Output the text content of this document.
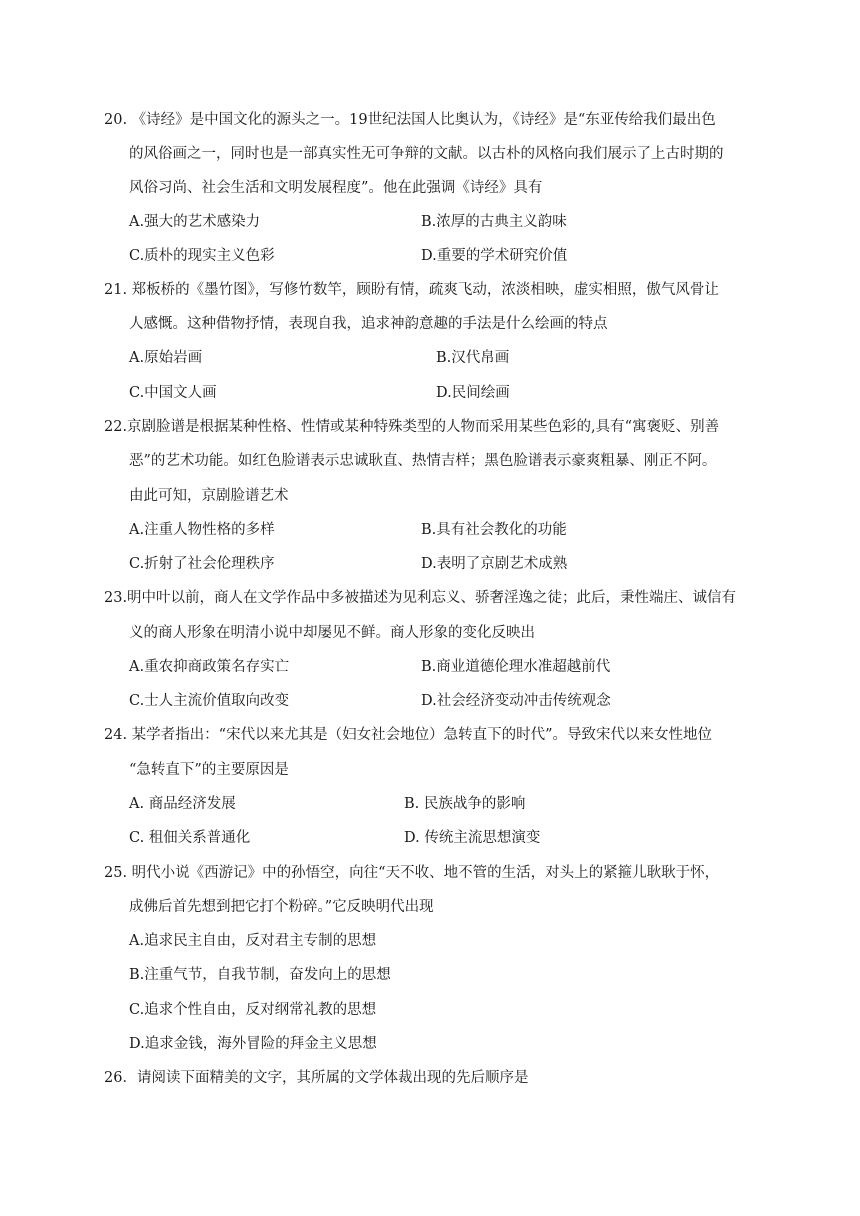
20. 《诗经》是中国文化的源头之一。19世纪法国人比奥认为，《诗经》是“东亚传给我们最出色
的风俗画之一，同时也是一部真实性无可争辩的文献。以古朴的风格向我们展示了上古时期的
风俗习尚、社会生活和文明发展程度”。他在此强调《诗经》具有
A.强大的艺术感染力	B.浓厚的古典主义韵味
C.质朴的现实主义色彩	D.重要的学术研究价值
21. 郑板桥的《墨竹图》，写修竹数竿，顾盼有情，疏爽飞动，浓淡相映，虚实相照，傲气风骨让
人感慨。这种借物抒情，表现自我，追求神韵意趣的手法是什么绘画的特点
A.原始岩画	B.汉代帛画
C.中国文人画	D.民间绘画
22.京剧脸谱是根据某种性格、性情或某种特殊类型的人物而采用某些色彩的,具有“寓褒贬、别善
恶”的艺术功能。如红色脸谱表示忠诚耿直、热情吉样；黑色脸谱表示豪爽粗暴、刚正不阿。
由此可知，京剧脸谱艺术
A.注重人物性格的多样	B.具有社会教化的功能
C.折射了社会伦理秩序	D.表明了京剧艺术成熟
23.明中叶以前，商人在文学作品中多被描述为见利忘义、骄奢淫逸之徒；此后，秉性端庄、诚信有
义的商人形象在明清小说中却屡见不鲜。商人形象的变化反映出
A.重农抑商政策名存实亡	B.商业道德伦理水准超越前代
C.士人主流价值取向改变	D.社会经济变动冲击传统观念
24. 某学者指出：“宋代以来尤其是（妇女社会地位）急转直下的时代”。导致宋代以来女性地位
“急转直下”的主要原因是
A. 商品经济发展	B. 民族战争的影响
C. 租佃关系普通化	D. 传统主流思想演变
25. 明代小说《西游记》中的孙悟空，向往“天不收、地不管的生活，对头上的紧箍儿耿耿于怀，
成佛后首先想到把它打个粉碎。”它反映明代出现
A.追求民主自由，反对君主专制的思想
B.注重气节，自我节制，奋发向上的思想
C.追求个性自由，反对纲常礼教的思想
D.追求金钱，海外冒险的拜金主义思想
26．请阅读下面精美的文字，其所属的文学体裁出现的先后顺序是
